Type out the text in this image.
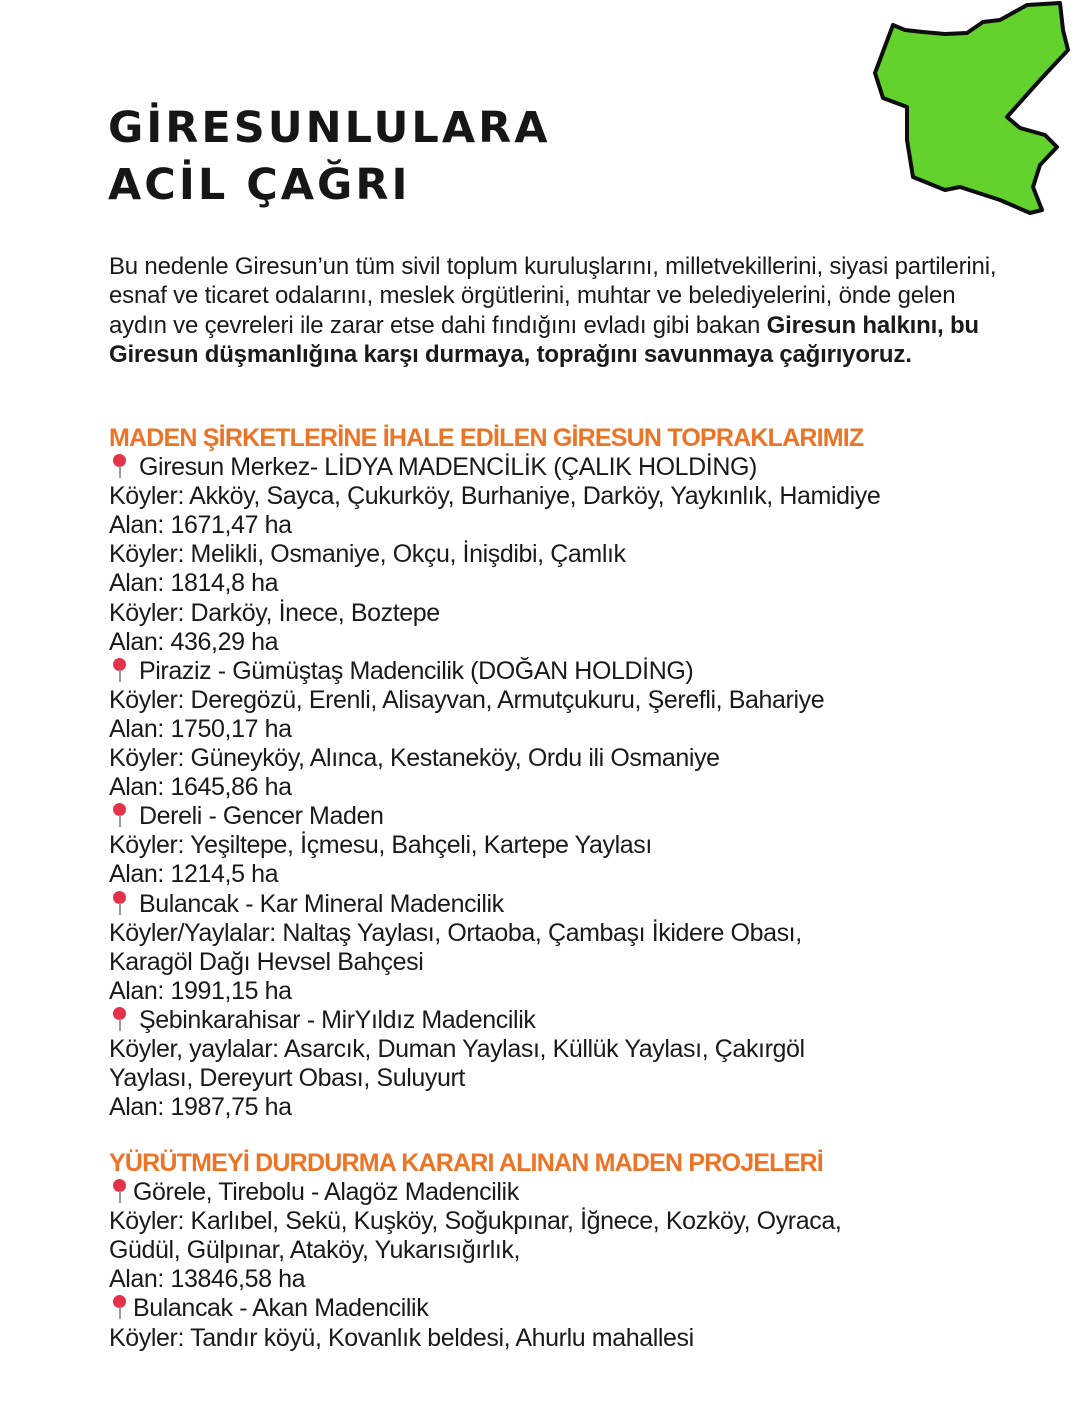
GİRESUNLULARA
ACİL ÇAĞRI
Bu nedenle Giresun’un tüm sivil toplum kuruluşlarını, milletvekillerini, siyasi partilerini, esnaf ve ticaret odalarını, meslek örgütlerini, muhtar ve belediyelerini, önde gelen aydın ve çevreleri ile zarar etse dahi fındığını evladı gibi bakan Giresun halkını, bu Giresun düşmanlığına karşı durmaya, toprağını savunmaya çağırıyoruz.
MADEN ŞİRKETLERİNE İHALE EDİLEN GİRESUN TOPRAKLARIMIZ
Giresun Merkez- LİDYA MADENCİLİK (ÇALIK HOLDİNG)
Köyler: Akköy, Sayca, Çukurköy, Burhaniye, Darköy, Yaykınlık, Hamidiye
Alan: 1671,47 ha
Köyler: Melikli, Osmaniye, Okçu, İnişdibi, Çamlık
Alan: 1814,8 ha
Köyler: Darköy, İnece, Boztepe
Alan: 436,29 ha
Piraziz - Gümüştaş Madencilik (DOĞAN HOLDİNG)
Köyler: Deregözü, Erenli, Alisayvan, Armutçukuru, Şerefli, Bahariye
Alan: 1750,17 ha
Köyler: Güneyköy, Alınca, Kestaneköy, Ordu ili Osmaniye
Alan: 1645,86 ha
Dereli - Gencer Maden
Köyler: Yeşiltepe, İçmesu, Bahçeli, Kartepe Yaylası
Alan: 1214,5 ha
Bulancak - Kar Mineral Madencilik
Köyler/Yaylalar: Naltaş Yaylası, Ortaoba, Çambaşı İkidere Obası,
Karagöl Dağı Hevsel Bahçesi
Alan: 1991,15 ha
Şebinkarahisar - MirYıldız Madencilik
Köyler, yaylalar: Asarcık, Duman Yaylası, Küllük Yaylası, Çakırgöl
Yaylası, Dereyurt Obası, Suluyurt
Alan: 1987,75 ha
YÜRÜTMEYİ DURDURMA KARARI ALINAN MADEN PROJELERİ
Görele, Tirebolu - Alagöz Madencilik
Köyler: Karlıbel, Sekü, Kuşköy, Soğukpınar, İğnece, Kozköy, Oyraca,
Güdül, Gülpınar, Ataköy, Yukarısığırlık,
Alan: 13846,58 ha
Bulancak - Akan Madencilik
Köyler: Tandır köyü, Kovanlık beldesi, Ahurlu mahallesi
